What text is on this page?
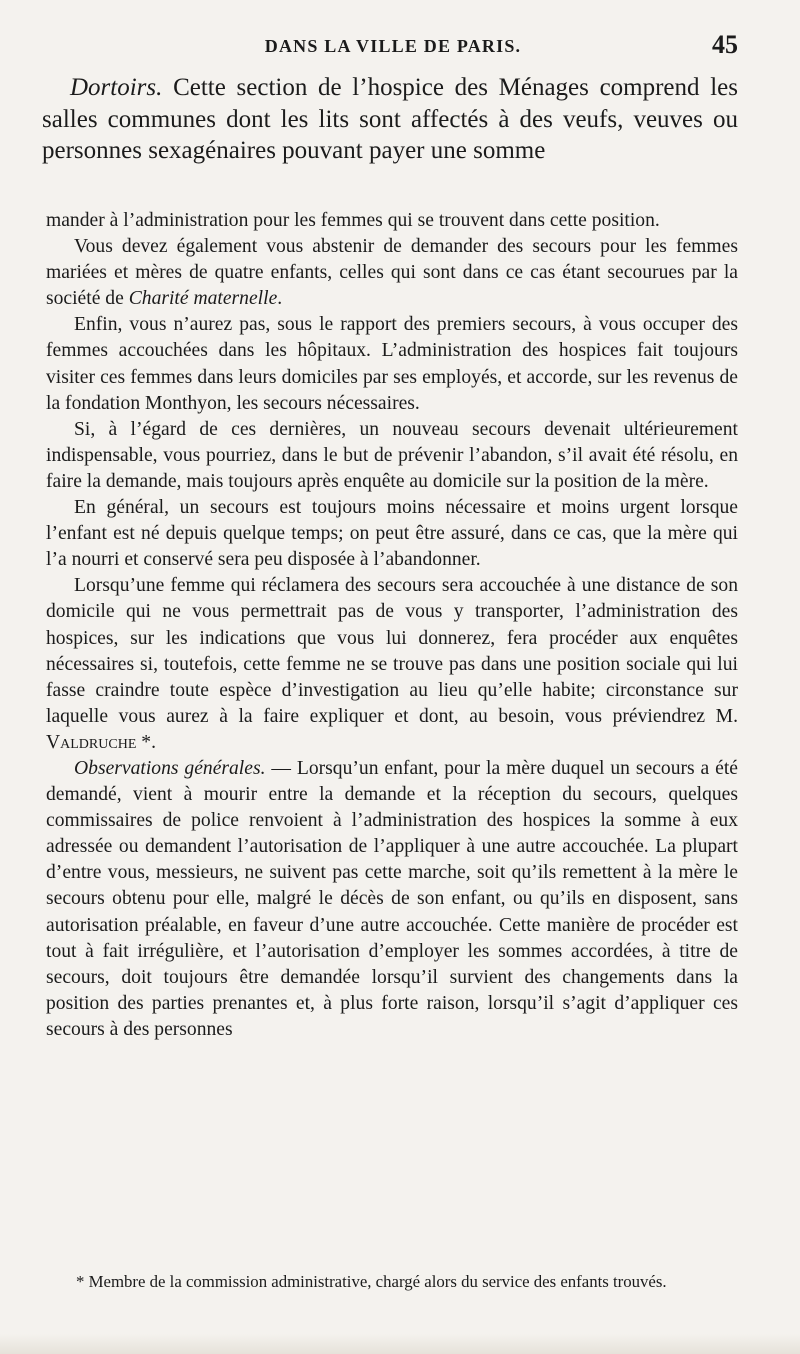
DANS LA VILLE DE PARIS.	45

Dortoirs. Cette section de l’hospice des Ménages comprend les salles communes dont les lits sont affectés à des veufs, veuves ou personnes sexagénaires pouvant payer une somme

mander à l’administration pour les femmes qui se trouvent dans cette position.

Vous devez également vous abstenir de demander des secours pour les femmes mariées et mères de quatre enfants, celles qui sont dans ce cas étant secourues par la société de Charité maternelle.

Enfin, vous n’aurez pas, sous le rapport des premiers secours, à vous occuper des femmes accouchées dans les hôpitaux. L’administration des hospices fait toujours visiter ces femmes dans leurs domiciles par ses employés, et accorde, sur les revenus de la fondation Monthyon, les secours nécessaires.

Si, à l’égard de ces dernières, un nouveau secours devenait ultérieurement indispensable, vous pourriez, dans le but de prévenir l’abandon, s’il avait été résolu, en faire la demande, mais toujours après enquête au domicile sur la position de la mère.

En général, un secours est toujours moins nécessaire et moins urgent lorsque l’enfant est né depuis quelque temps; on peut être assuré, dans ce cas, que la mère qui l’a nourri et conservé sera peu disposée à l’abandonner.

Lorsqu’une femme qui réclamera des secours sera accouchée à une distance de son domicile qui ne vous permettrait pas de vous y transporter, l’administration des hospices, sur les indications que vous lui donnerez, fera procéder aux enquêtes nécessaires si, toutefois, cette femme ne se trouve pas dans une position sociale qui lui fasse craindre toute espèce d’investigation au lieu qu’elle habite; circonstance sur laquelle vous aurez à la faire expliquer et dont, au besoin, vous préviendrez M. Valdruche *.

Observations générales. — Lorsqu’un enfant, pour la mère duquel un secours a été demandé, vient à mourir entre la demande et la réception du secours, quelques commissaires de police renvoient à l’administration des hospices la somme à eux adressée ou demandent l’autorisation de l’appliquer à une autre accouchée. La plupart d’entre vous, messieurs, ne suivent pas cette marche, soit qu’ils remettent à la mère le secours obtenu pour elle, malgré le décès de son enfant, ou qu’ils en disposent, sans autorisation préalable, en faveur d’une autre accouchée. Cette manière de procéder est tout à fait irrégulière, et l’autorisation d’employer les sommes accordées, à titre de secours, doit toujours être demandée lorsqu’il survient des changements dans la position des parties prenantes et, à plus forte raison, lorsqu’il s’agit d’appliquer ces secours à des personnes

* Membre de la commission administrative, chargé alors du service des enfants trouvés.
